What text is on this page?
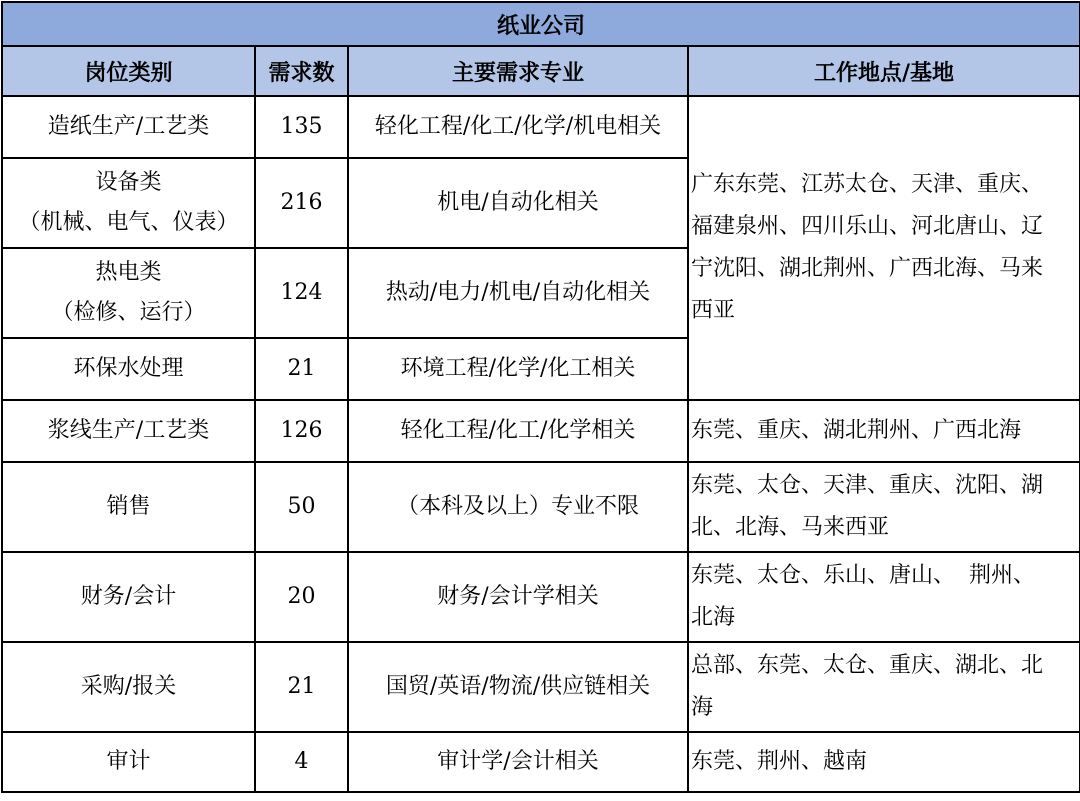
纸业公司			
岗位类别	需求数	主要需求专业	工作地点/基地

造纸生产/工艺类	135	轻化工程/化工/化学/机电相关	广东东莞、江苏太仓、天津、重庆、
福建泉州、四川乐山、河北唐山、辽
宁沈阳、湖北荆州、广西北海、马来
西亚

设备类
（机械、电气、仪表）	216	机电/自动化相关	

热电类
（检修、运行）	124	热动/电力/机电/自动化相关	

环保水处理	21	环境工程/化学/化工相关	

浆线生产/工艺类	126	轻化工程/化工/化学相关	东莞、重庆、湖北荆州、广西北海

销售	50	（本科及以上）专业不限	东莞、太仓、天津、重庆、沈阳、湖
北、北海、马来西亚

财务/会计	20	财务/会计学相关	东莞、太仓、乐山、唐山、  荆州、
北海

采购/报关	21	国贸/英语/物流/供应链相关	总部、东莞、太仓、重庆、湖北、北
海

审计	4	审计学/会计相关	东莞、荆州、越南
